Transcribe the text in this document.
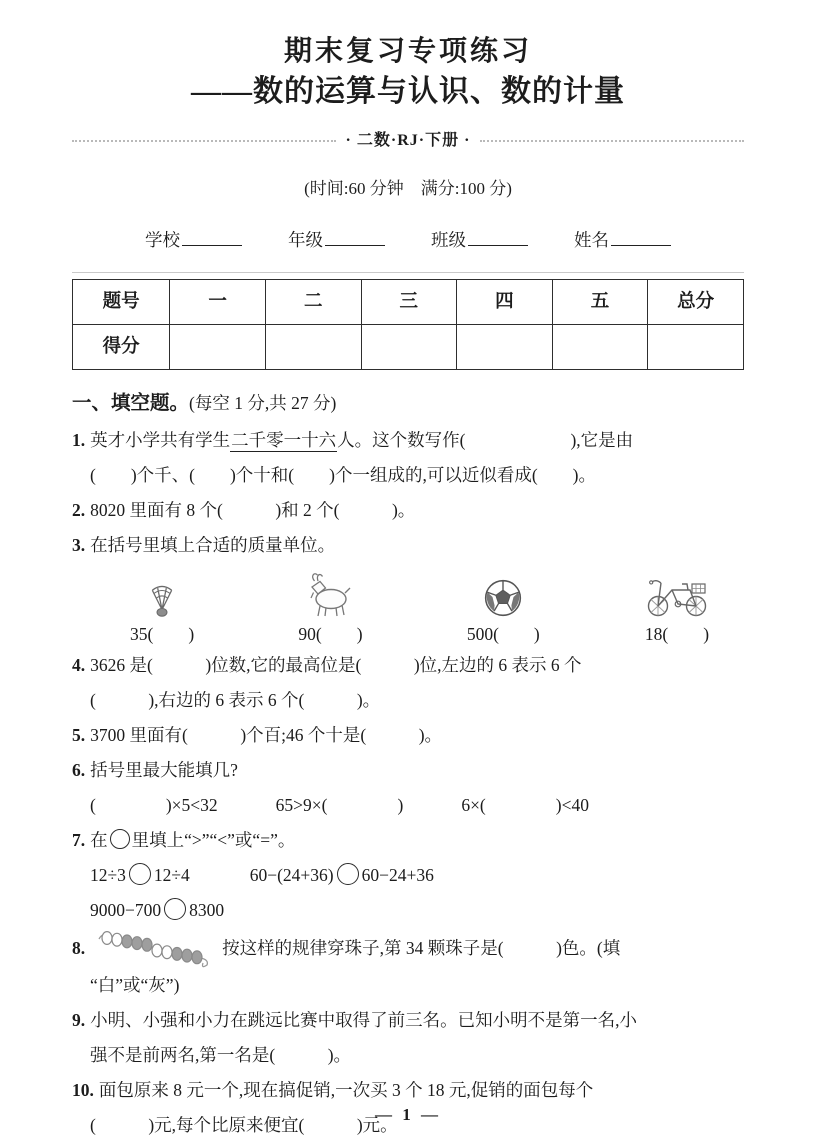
期末复习专项练习
——数的运算与认识、数的计量
· 二数·RJ·下册 ·
(时间:60 分钟　满分:100 分)
学校	年级	班级	姓名
题号	一	二	三	四	五	总分
得分						
一、填空题。(每空 1 分,共 27 分)
1. 英才小学共有学生二千零一十六人。这个数写作(　　　　　　),它是由
(　　)个千、(　　)个十和(　　)个一组成的,可以近似看成(　　)。
2. 8020 里面有 8 个(　　　)和 2 个(　　　)。
3. 在括号里填上合适的质量单位。
35(　　)	90(　　)	500(　　)	18(　　)
4. 3626 是(　　　)位数,它的最高位是(　　　)位,左边的 6 表示 6 个
(　　　),右边的 6 表示 6 个(　　　)。
5. 3700 里面有(　　　)个百;46 个十是(　　　)。
6. 括号里最大能填几?
(　　　　)×5<32	65>9×(　　　　)	6×(　　　　)<40
7. 在 里填上“>”“<”或“=”。
12÷3 12÷4	60−(24+36) 60−24+36
9000−700 8300
8.	按这样的规律穿珠子,第 34 颗珠子是(　　　)色。(填
“白”或“灰”)
9. 小明、小强和小力在跳远比赛中取得了前三名。已知小明不是第一名,小
强不是前两名,第一名是(　　　)。
10. 面包原来 8 元一个,现在搞促销,一次买 3 个 18 元,促销的面包每个
(　　　)元,每个比原来便宜(　　　)元。
— 1 —
